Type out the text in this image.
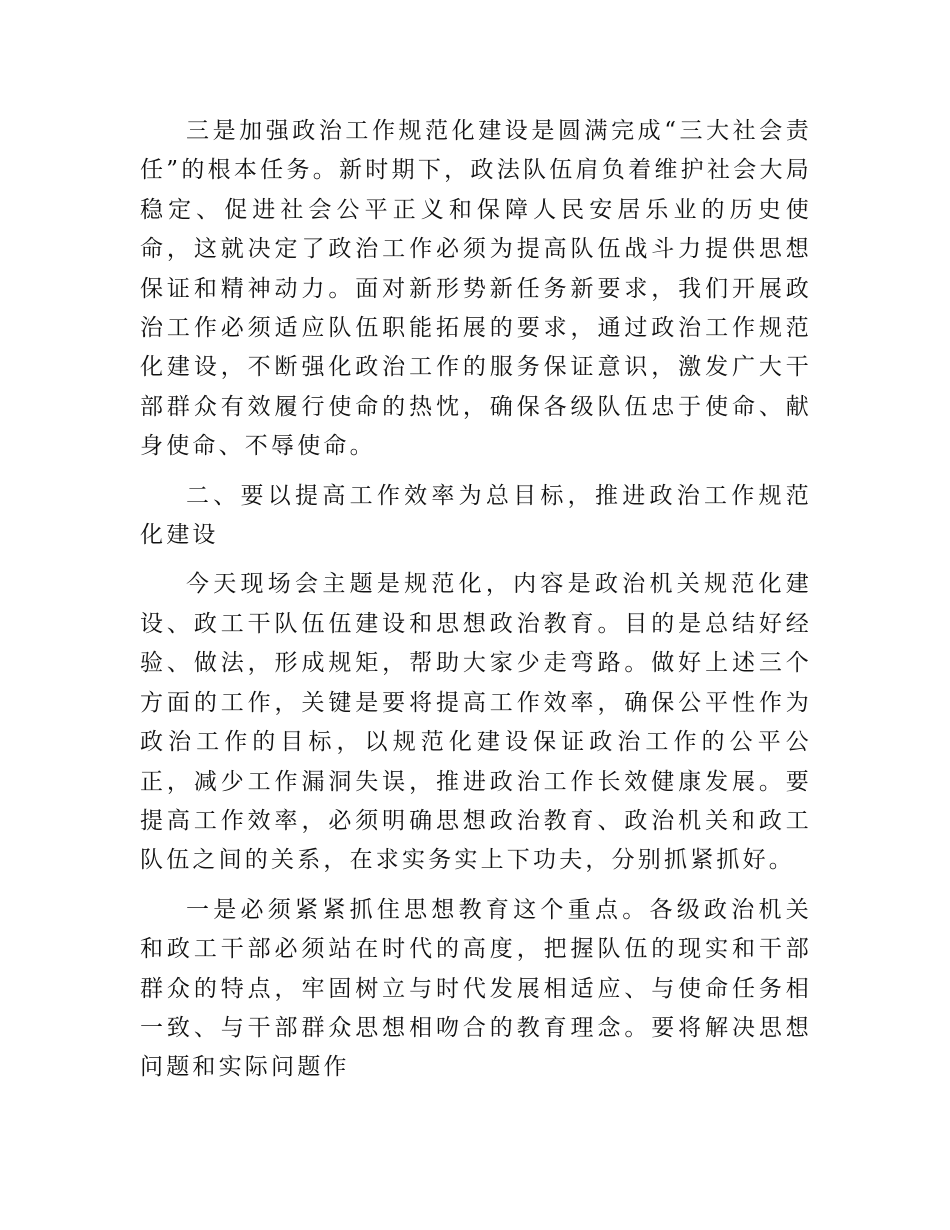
三是加强政治工作规范化建设是圆满完成“三大社会责任”的根本任务。新时期下，政法队伍肩负着维护社会大局稳定、促进社会公平正义和保障人民安居乐业的历史使命，这就决定了政治工作必须为提高队伍战斗力提供思想保证和精神动力。面对新形势新任务新要求，我们开展政治工作必须适应队伍职能拓展的要求，通过政治工作规范化建设，不断强化政治工作的服务保证意识，激发广大干部群众有效履行使命的热忱，确保各级队伍忠于使命、献身使命、不辱使命。

二、要以提高工作效率为总目标，推进政治工作规范化建设

今天现场会主题是规范化，内容是政治机关规范化建设、政工干队伍伍建设和思想政治教育。目的是总结好经验、做法，形成规矩，帮助大家少走弯路。做好上述三个方面的工作，关键是要将提高工作效率，确保公平性作为政治工作的目标，以规范化建设保证政治工作的公平公正，减少工作漏洞失误，推进政治工作长效健康发展。要提高工作效率，必须明确思想政治教育、政治机关和政工队伍之间的关系，在求实务实上下功夫，分别抓紧抓好。

一是必须紧紧抓住思想教育这个重点。各级政治机关和政工干部必须站在时代的高度，把握队伍的现实和干部群众的特点，牢固树立与时代发展相适应、与使命任务相一致、与干部群众思想相吻合的教育理念。要将解决思想问题和实际问题作
